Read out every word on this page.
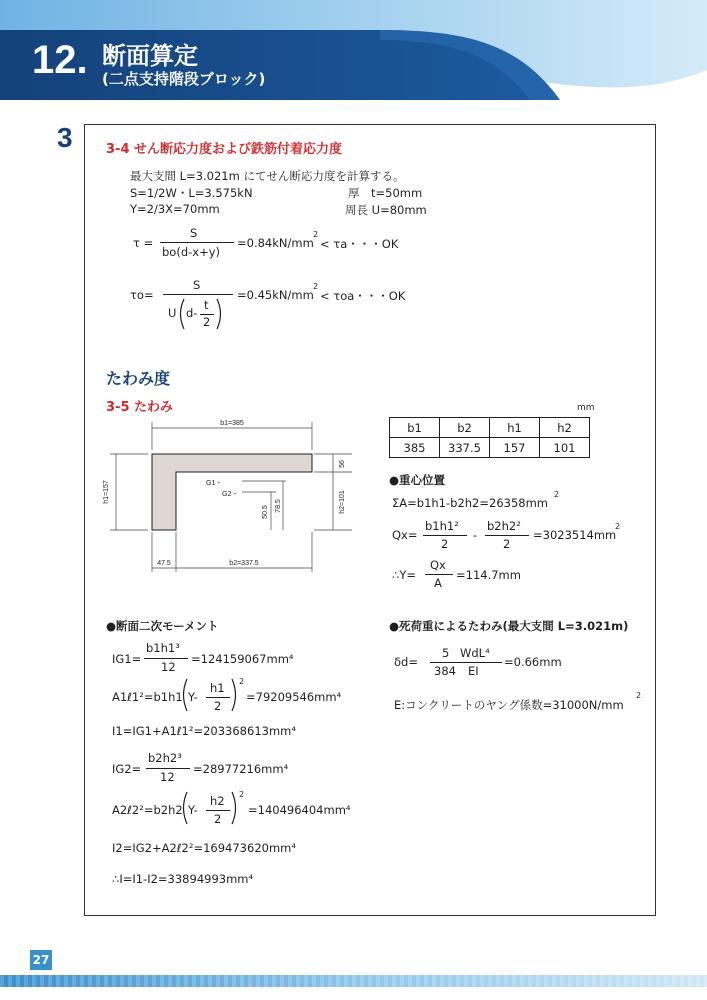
12. 断面算定
(二点支持階段ブロック)
3	3-4 せん断応力度および鉄筋付着応力度
最大支間 L=3.021m にてせん断応力度を計算する。
S=1/2W・L=3.575kN	厚　t=50mm
Y=2/3X=70mm	周長 U=80mm
τ =
S
bo(d-x+y)
=0.84kN/mm
2
< τa・・・OK
τo=
S
U d-
t
2
=0.45kN/mm
2
< τoa・・・OK
たわみ度
3-5 たわみ	mm
b1	b2	h1	h2
385	337.5	157	101
b1=385
h1=157
56
h2=101
47.5	b2=337.5
50.5 78.5
G1・
G2・
●重心位置
ΣA=b1h1-b2h2=26358mm
2
Qx=
b1h1²
2
-
b2h2²
2
=3023514mm
2
∴Y=
Qx
A
=114.7mm
●断面二次モーメント
IG1=
b1h1³
12
=124159067mm⁴
A1ℓ1²=b1h1 Y-
h1
2
2
=79209546mm⁴
I1=IG1+A1ℓ1²=203368613mm⁴
IG2=
b2h2³
12
=28977216mm⁴
A2ℓ2²=b2h2 Y-
h2
2
2
=140496404mm⁴
I2=IG2+A2ℓ2²=169473620mm⁴
∴I=I1-I2=33894993mm⁴
●死荷重によるたわみ(最大支間 L=3.021m)
δd=
5 WdL⁴
384 EI
=0.66mm
E:コンクリートのヤング係数=31000N/mm
2
27
